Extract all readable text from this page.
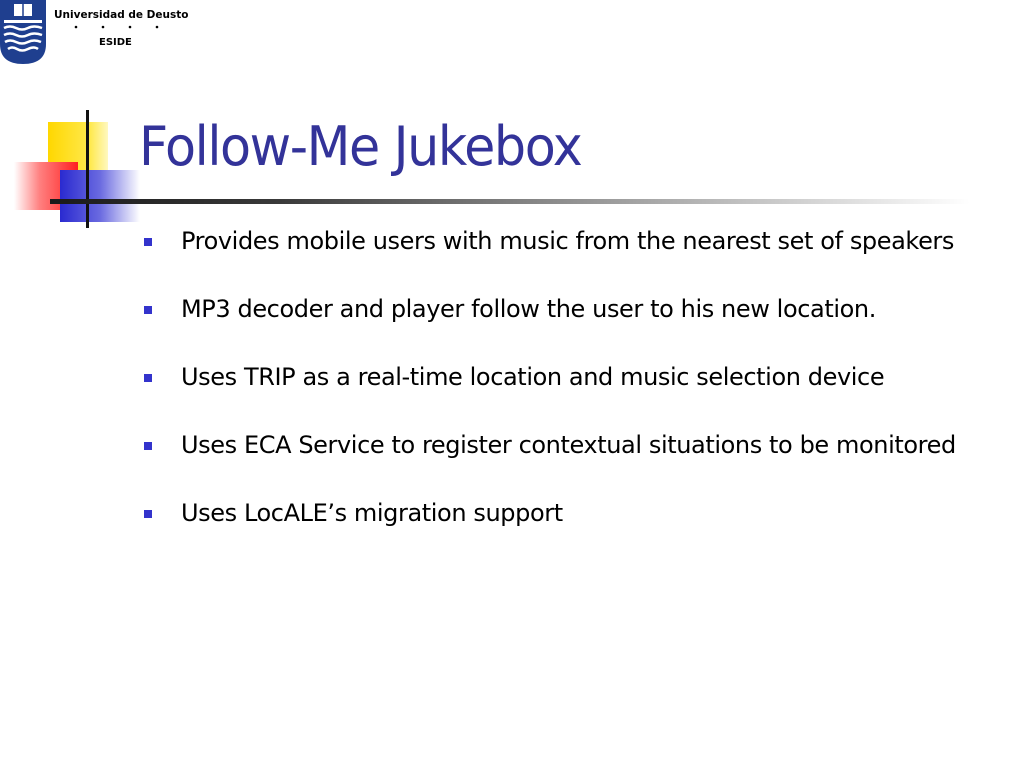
Universidad de Deusto
ESIDE
Follow-Me Jukebox
Provides mobile users with music from the nearest set of speakers
MP3 decoder and player follow the user to his new location.
Uses TRIP as a real-time location and music selection device
Uses ECA Service to register contextual situations to be monitored
Uses LocALE’s migration support
